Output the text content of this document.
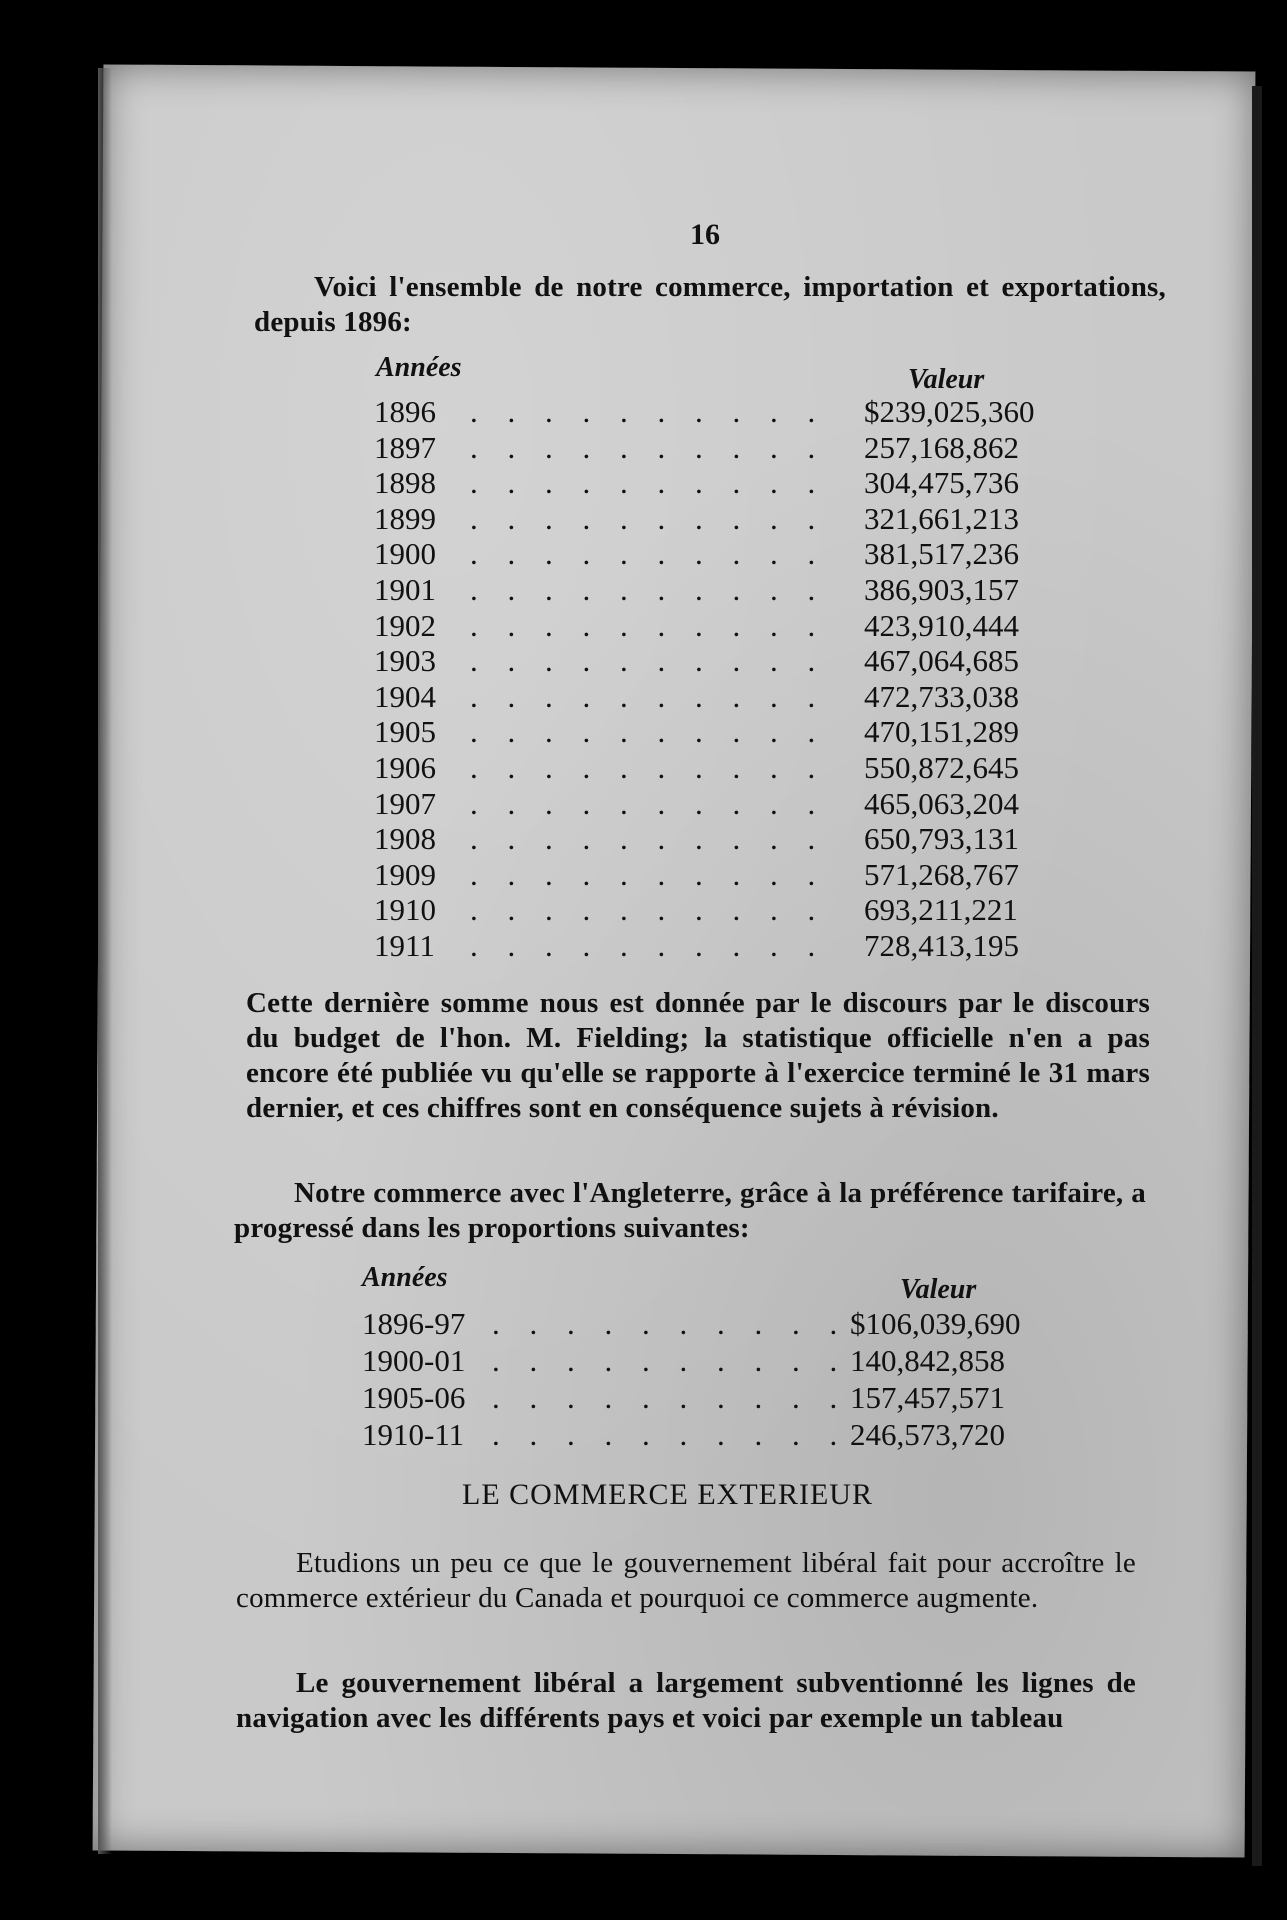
16
Voici l'ensemble de notre commerce, importation et exportations, depuis 1896:
Années	Valeur
1896 . . . . . . . . . . $239,025,360
1897 . . . . . . . . . . 257,168,862
1898 . . . . . . . . . . 304,475,736
1899 . . . . . . . . . . 321,661,213
1900 . . . . . . . . . . 381,517,236
1901 . . . . . . . . . . 386,903,157
1902 . . . . . . . . . . 423,910,444
1903 . . . . . . . . . . 467,064,685
1904 . . . . . . . . . . 472,733,038
1905 . . . . . . . . . . 470,151,289
1906 . . . . . . . . . . 550,872,645
1907 . . . . . . . . . . 465,063,204
1908 . . . . . . . . . . 650,793,131
1909 . . . . . . . . . . 571,268,767
1910 . . . . . . . . . . 693,211,221
1911 . . . . . . . . . . 728,413,195
Cette dernière somme nous est donnée par le discours par le discours du budget de l'hon. M. Fielding; la statistique officielle n'en a pas encore été publiée vu qu'elle se rapporte à l'exercice terminé le 31 mars dernier, et ces chiffres sont en conséquence sujets à révision.
Notre commerce avec l'Angleterre, grâce à la préférence tarifaire, a progressé dans les proportions suivantes:
Années	Valeur
1896-97 . . . . . . . . . . $106,039,690
1900-01 . . . . . . . . . . 140,842,858
1905-06 . . . . . . . . . . 157,457,571
1910-11 . . . . . . . . . . 246,573,720
LE COMMERCE EXTERIEUR
Etudions un peu ce que le gouvernement libéral fait pour accroître le commerce extérieur du Canada et pourquoi ce commerce augmente.
Le gouvernement libéral a largement subventionné les lignes de navigation avec les différents pays et voici par exemple un tableau
